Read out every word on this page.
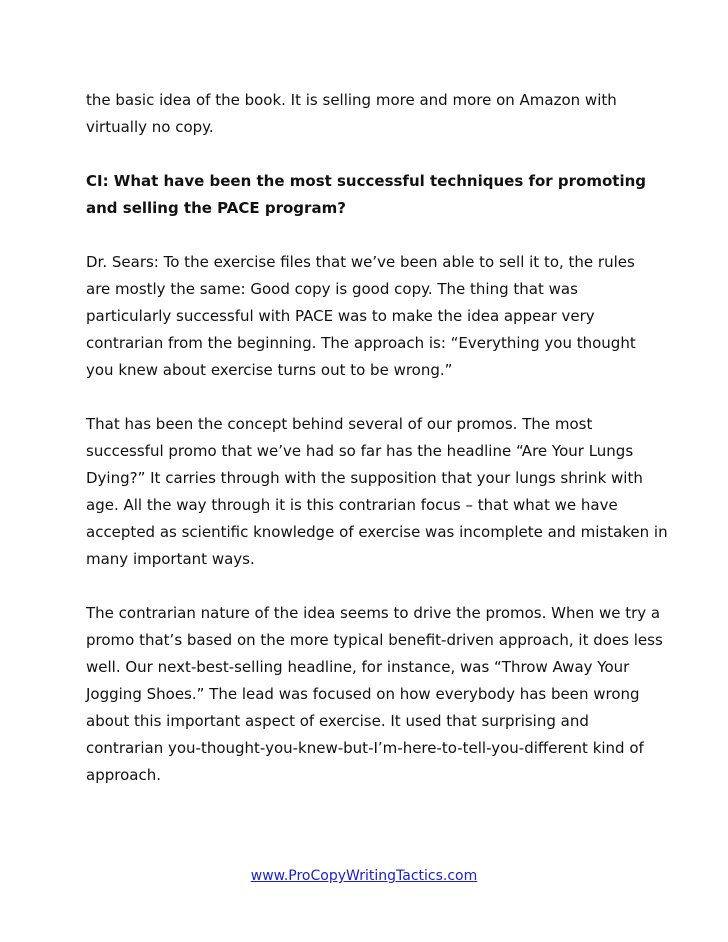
the basic idea of the book. It is selling more and more on Amazon with
virtually no copy.
CI: What have been the most successful techniques for promoting
and selling the PACE program?
Dr. Sears: To the exercise files that we’ve been able to sell it to, the rules
are mostly the same: Good copy is good copy. The thing that was
particularly successful with PACE was to make the idea appear very
contrarian from the beginning. The approach is: “Everything you thought
you knew about exercise turns out to be wrong.”
That has been the concept behind several of our promos. The most
successful promo that we’ve had so far has the headline “Are Your Lungs
Dying?” It carries through with the supposition that your lungs shrink with
age. All the way through it is this contrarian focus – that what we have
accepted as scientific knowledge of exercise was incomplete and mistaken in
many important ways.
The contrarian nature of the idea seems to drive the promos. When we try a
promo that’s based on the more typical benefit-driven approach, it does less
well. Our next-best-selling headline, for instance, was “Throw Away Your
Jogging Shoes.” The lead was focused on how everybody has been wrong
about this important aspect of exercise. It used that surprising and
contrarian you-thought-you-knew-but-I’m-here-to-tell-you-different kind of
approach.
www.ProCopyWritingTactics.com
